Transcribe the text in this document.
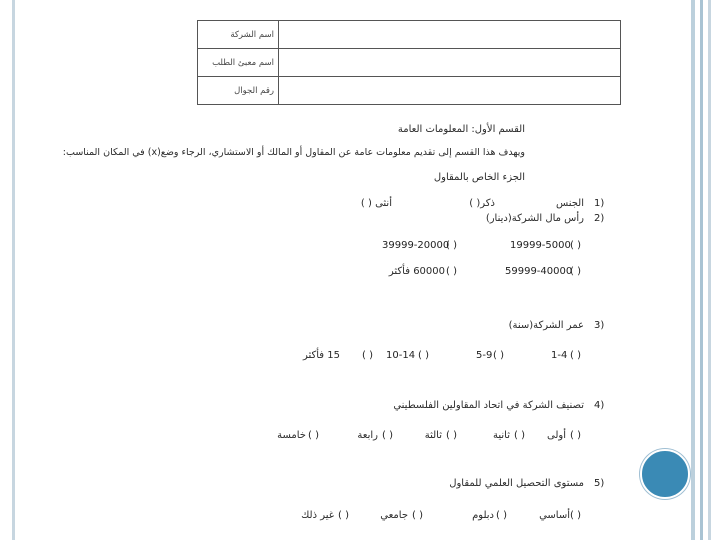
اسم الشركة	
اسم معبئ الطلب	
رقم الجوال	
القسم الأول: المعلومات العامة
ويهدف هذا القسم إلى تقديم معلومات عامة عن المقاول أو المالك أو الاستشاري، الرجاء وضع(x) في المكان المناسب:
الجزء الخاص بالمقاول
1)
الجنس
ذكر( )
أنثى ( )
2)
رأس مال الشركة(دينار)
( )
19999-5000
( )
39999-20000
( )
59999-40000
( )
60000 فأكثر
3)
عمر الشركة(سنة)
( )
1-4
( )
5-9
( )
10-14
( )
15 فأكثر
4)
تصنيف الشركة في اتحاد المقاولين الفلسطيني
( )
أولى
( )
ثانية
( )
ثالثة
( )
رابعة
( )
خامسة
5)
مستوى التحصيل العلمي للمقاول
( )
أساسي
( )
دبلوم
( )
جامعي
( )
غير ذلك
